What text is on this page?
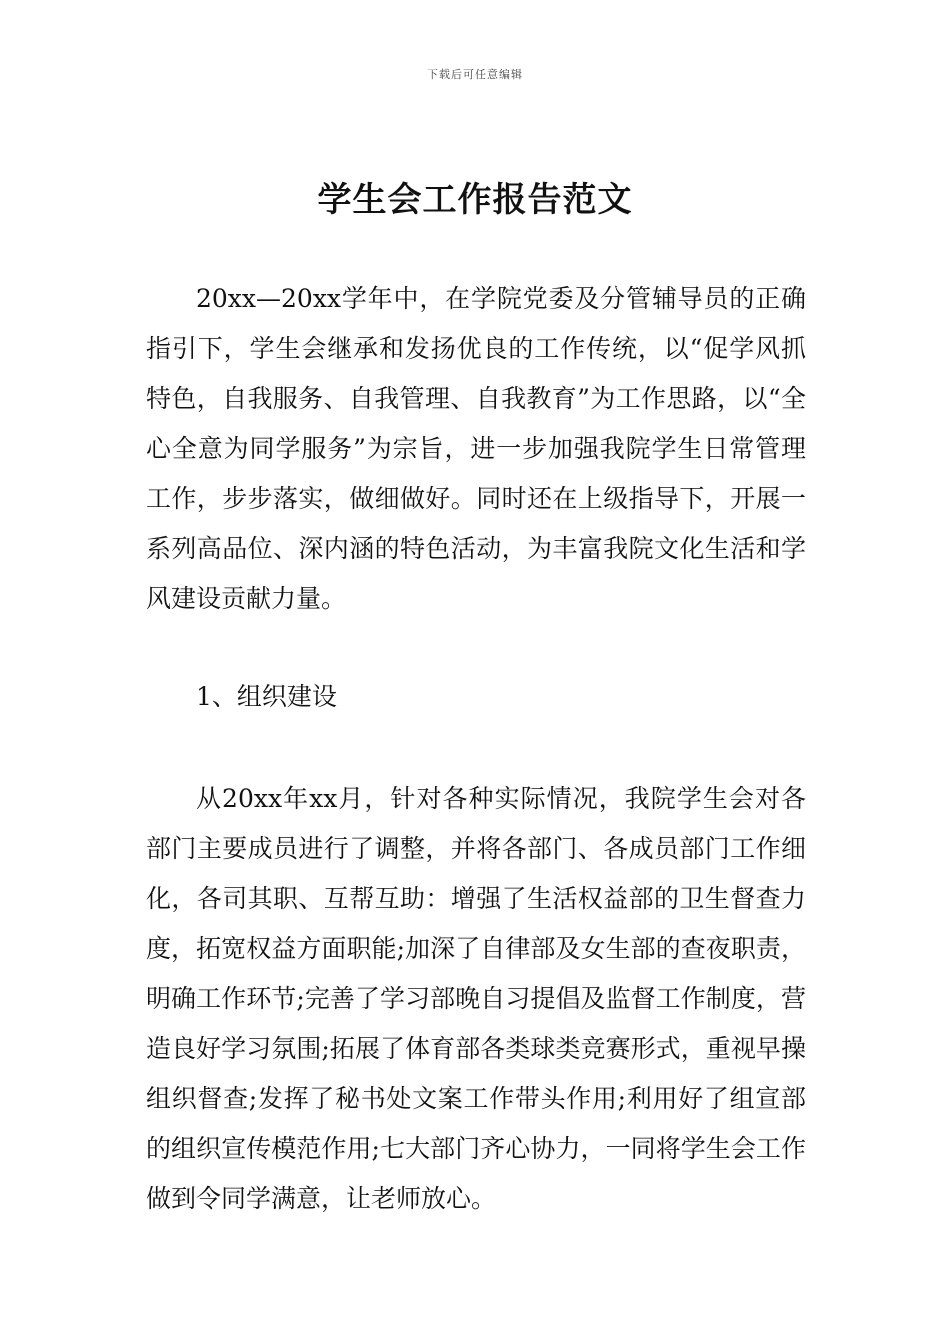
下载后可任意编辑
学生会工作报告范文

20xx—20xx学年中，在学院党委及分管辅导员的正确指引下，学生会继承和发扬优良的工作传统，以“促学风抓特色，自我服务、自我管理、自我教育”为工作思路，以“全心全意为同学服务”为宗旨，进一步加强我院学生日常管理工作，步步落实，做细做好。同时还在上级指导下，开展一系列高品位、深内涵的特色活动，为丰富我院文化生活和学风建设贡献力量。

1、组织建设

从20xx年xx月，针对各种实际情况，我院学生会对各部门主要成员进行了调整，并将各部门、各成员部门工作细化，各司其职、互帮互助：增强了生活权益部的卫生督查力度，拓宽权益方面职能;加深了自律部及女生部的查夜职责，明确工作环节;完善了学习部晚自习提倡及监督工作制度，营造良好学习氛围;拓展了体育部各类球类竞赛形式，重视早操组织督查;发挥了秘书处文案工作带头作用;利用好了组宣部的组织宣传模范作用;七大部门齐心协力，一同将学生会工作做到令同学满意，让老师放心。
